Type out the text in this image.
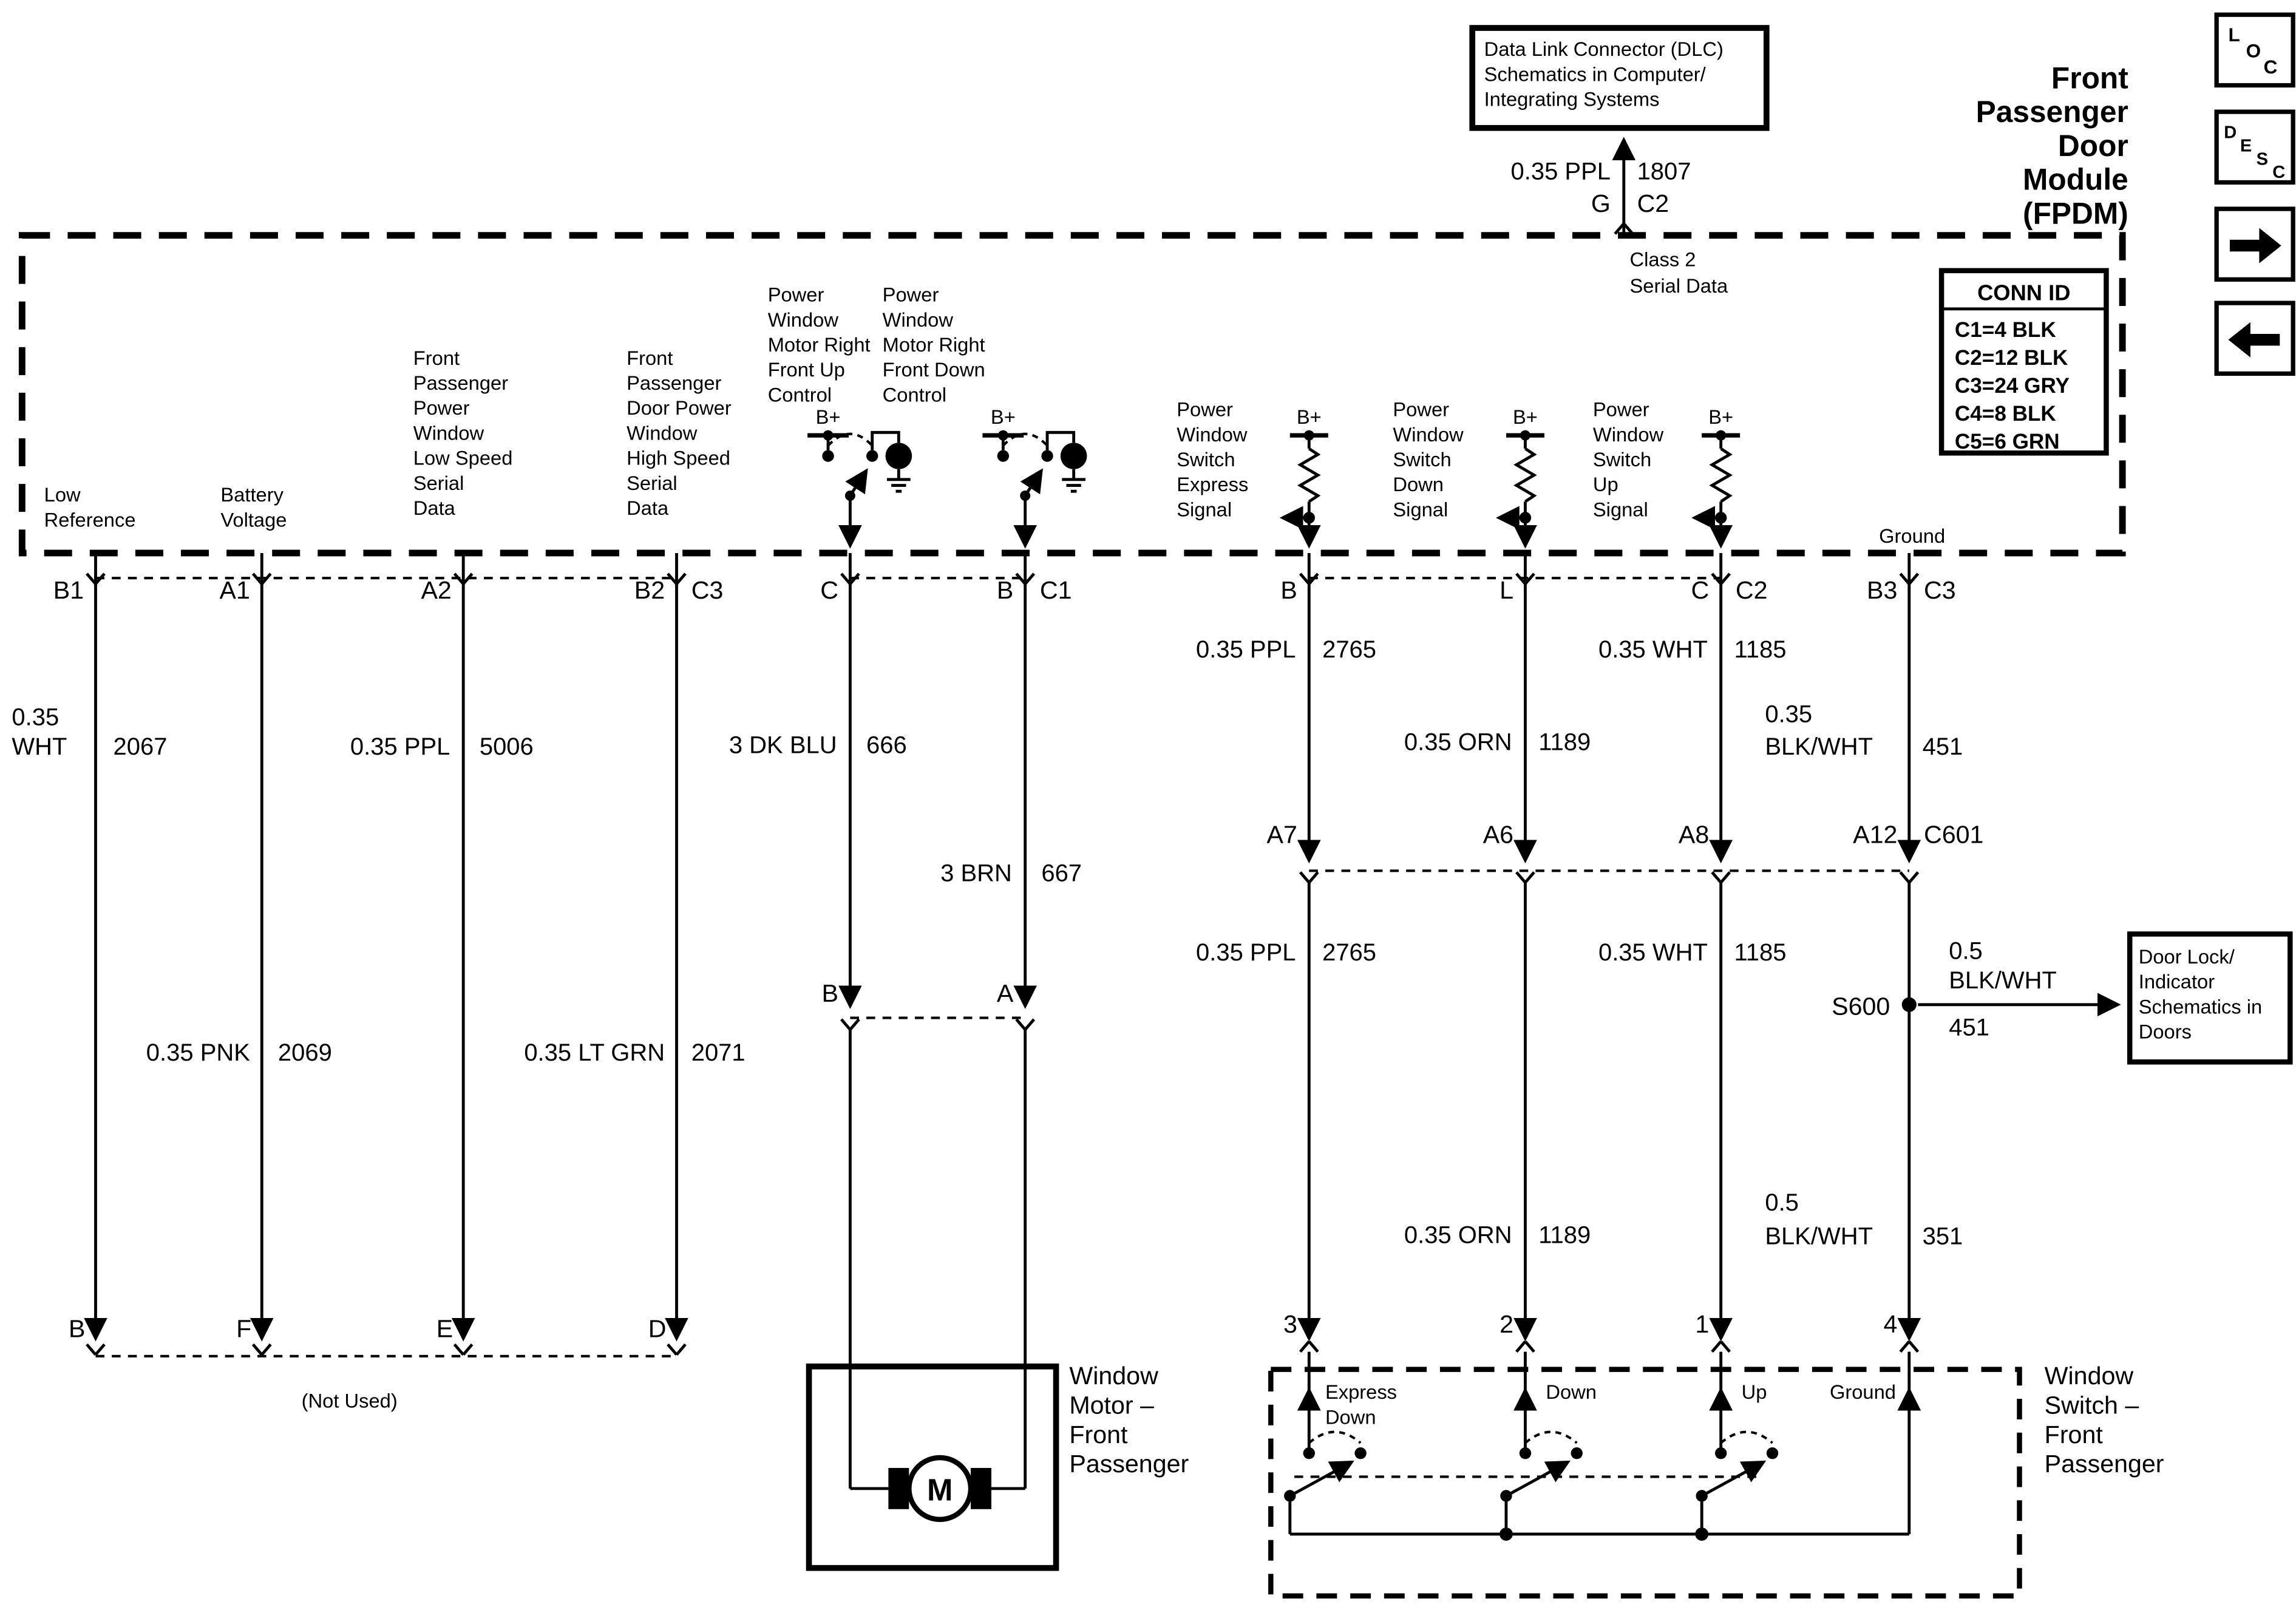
Data Link Connector (DLC)
Schematics in Computer/
Integrating Systems
0.35 PPL	1807
G	C2
Class 2
Serial Data
Front
Passenger
Door
Module
(FPDM)
CONN ID
C1=4 BLK
C2=12 BLK
C3=24 GRY
C4=8 BLK
C5=6 GRN
L
O
C
D
E
S
C
Low
Reference
Battery
Voltage
Front
Passenger
Power
Window
Low Speed
Serial
Data
Front
Passenger
Door Power
Window
High Speed
Serial
Data
Power
Window
Motor Right
Front Up
Control
Power
Window
Motor Right
Front Down
Control
Power
Window
Switch
Express
Signal
Power
Window
Switch
Down
Signal
Power
Window
Switch
Up
Signal
B+	B+	B+	B+	B+
Ground
B1	A1	A2	B2	C3	C	B	C1	B	L	C	C2	B3	C3
A7	A6	A8	A12	C601
B	A
B	F	E	D
(Not Used)
3	2	1	4
S600
0.35
WHT	2067	0.35 PPL	5006	3 DK BLU	666
3 BRN	667
0.35 PPL	2765	0.35 WHT	1185
0.35 ORN	1189
0.35
BLK/WHT	451
0.35 PPL	2765	0.35 WHT	1185	0.5
BLK/WHT
451
0.35 PNK	2069	0.35 LT GRN	2071
0.35 ORN	1189
0.5
BLK/WHT	351
M
Window
Motor –
Front
Passenger
Express
Down
Down	Up	Ground
Window
Switch –
Front
Passenger
Door Lock/
Indicator
Schematics in
Doors
